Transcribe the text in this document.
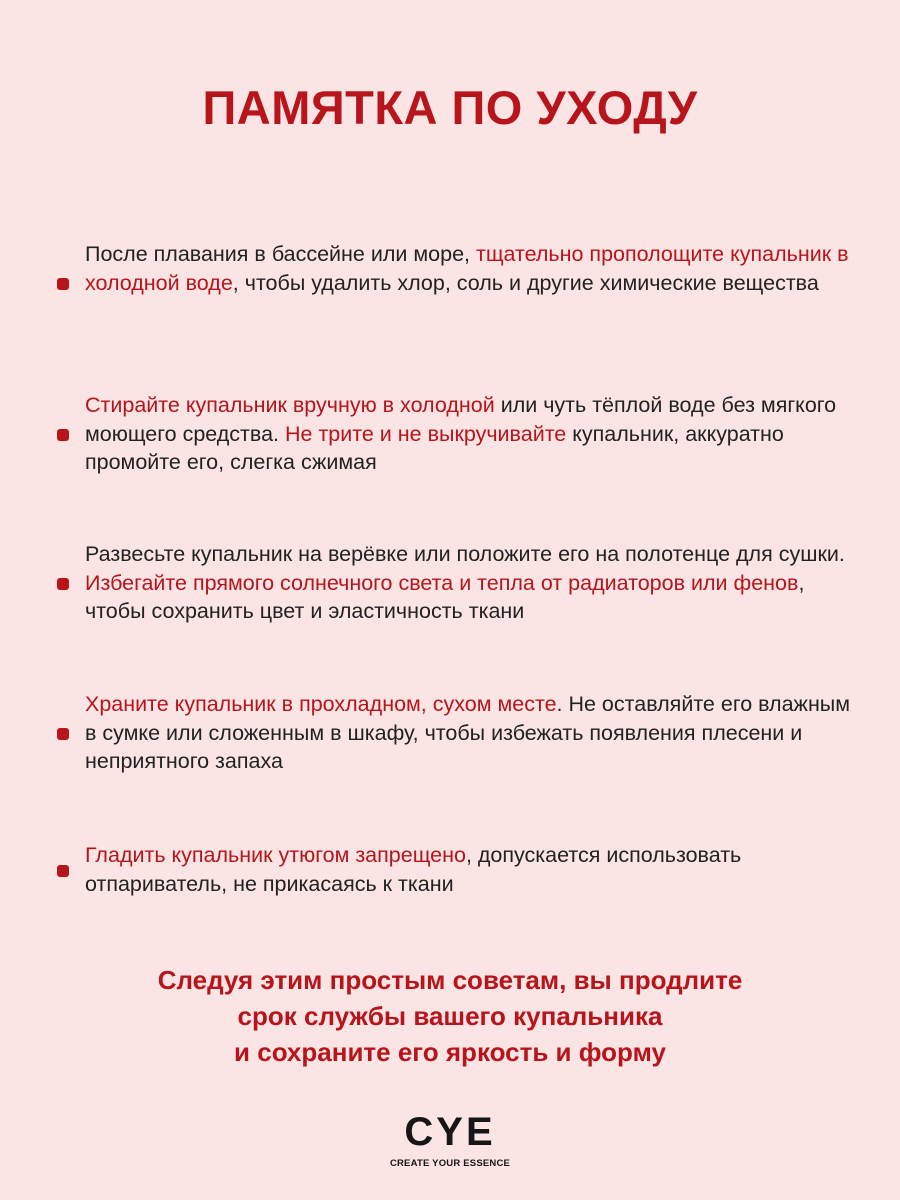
ПАМЯТКА ПО УХОДУ
После плавания в бассейне или море, тщательно прополощите купальник в холодной воде, чтобы удалить хлор, соль и другие химические вещества
Стирайте купальник вручную в холодной или чуть тёплой воде без мягкого моющего средства. Не трите и не выкручивайте купальник, аккуратно промойте его, слегка сжимая
Развесьте купальник на верёвке или положите его на полотенце для сушки. Избегайте прямого солнечного света и тепла от радиаторов или фенов, чтобы сохранить цвет и эластичность ткани
Храните купальник в прохладном, сухом месте. Не оставляйте его влажным в сумке или сложенным в шкафу, чтобы избежать появления плесени и неприятного запаха
Гладить купальник утюгом запрещено, допускается использовать отпариватель, не прикасаясь к ткани
Следуя этим простым советам, вы продлите
срок службы вашего купальника
и сохраните его яркость и форму
CYE
CREATE YOUR ESSENCE
